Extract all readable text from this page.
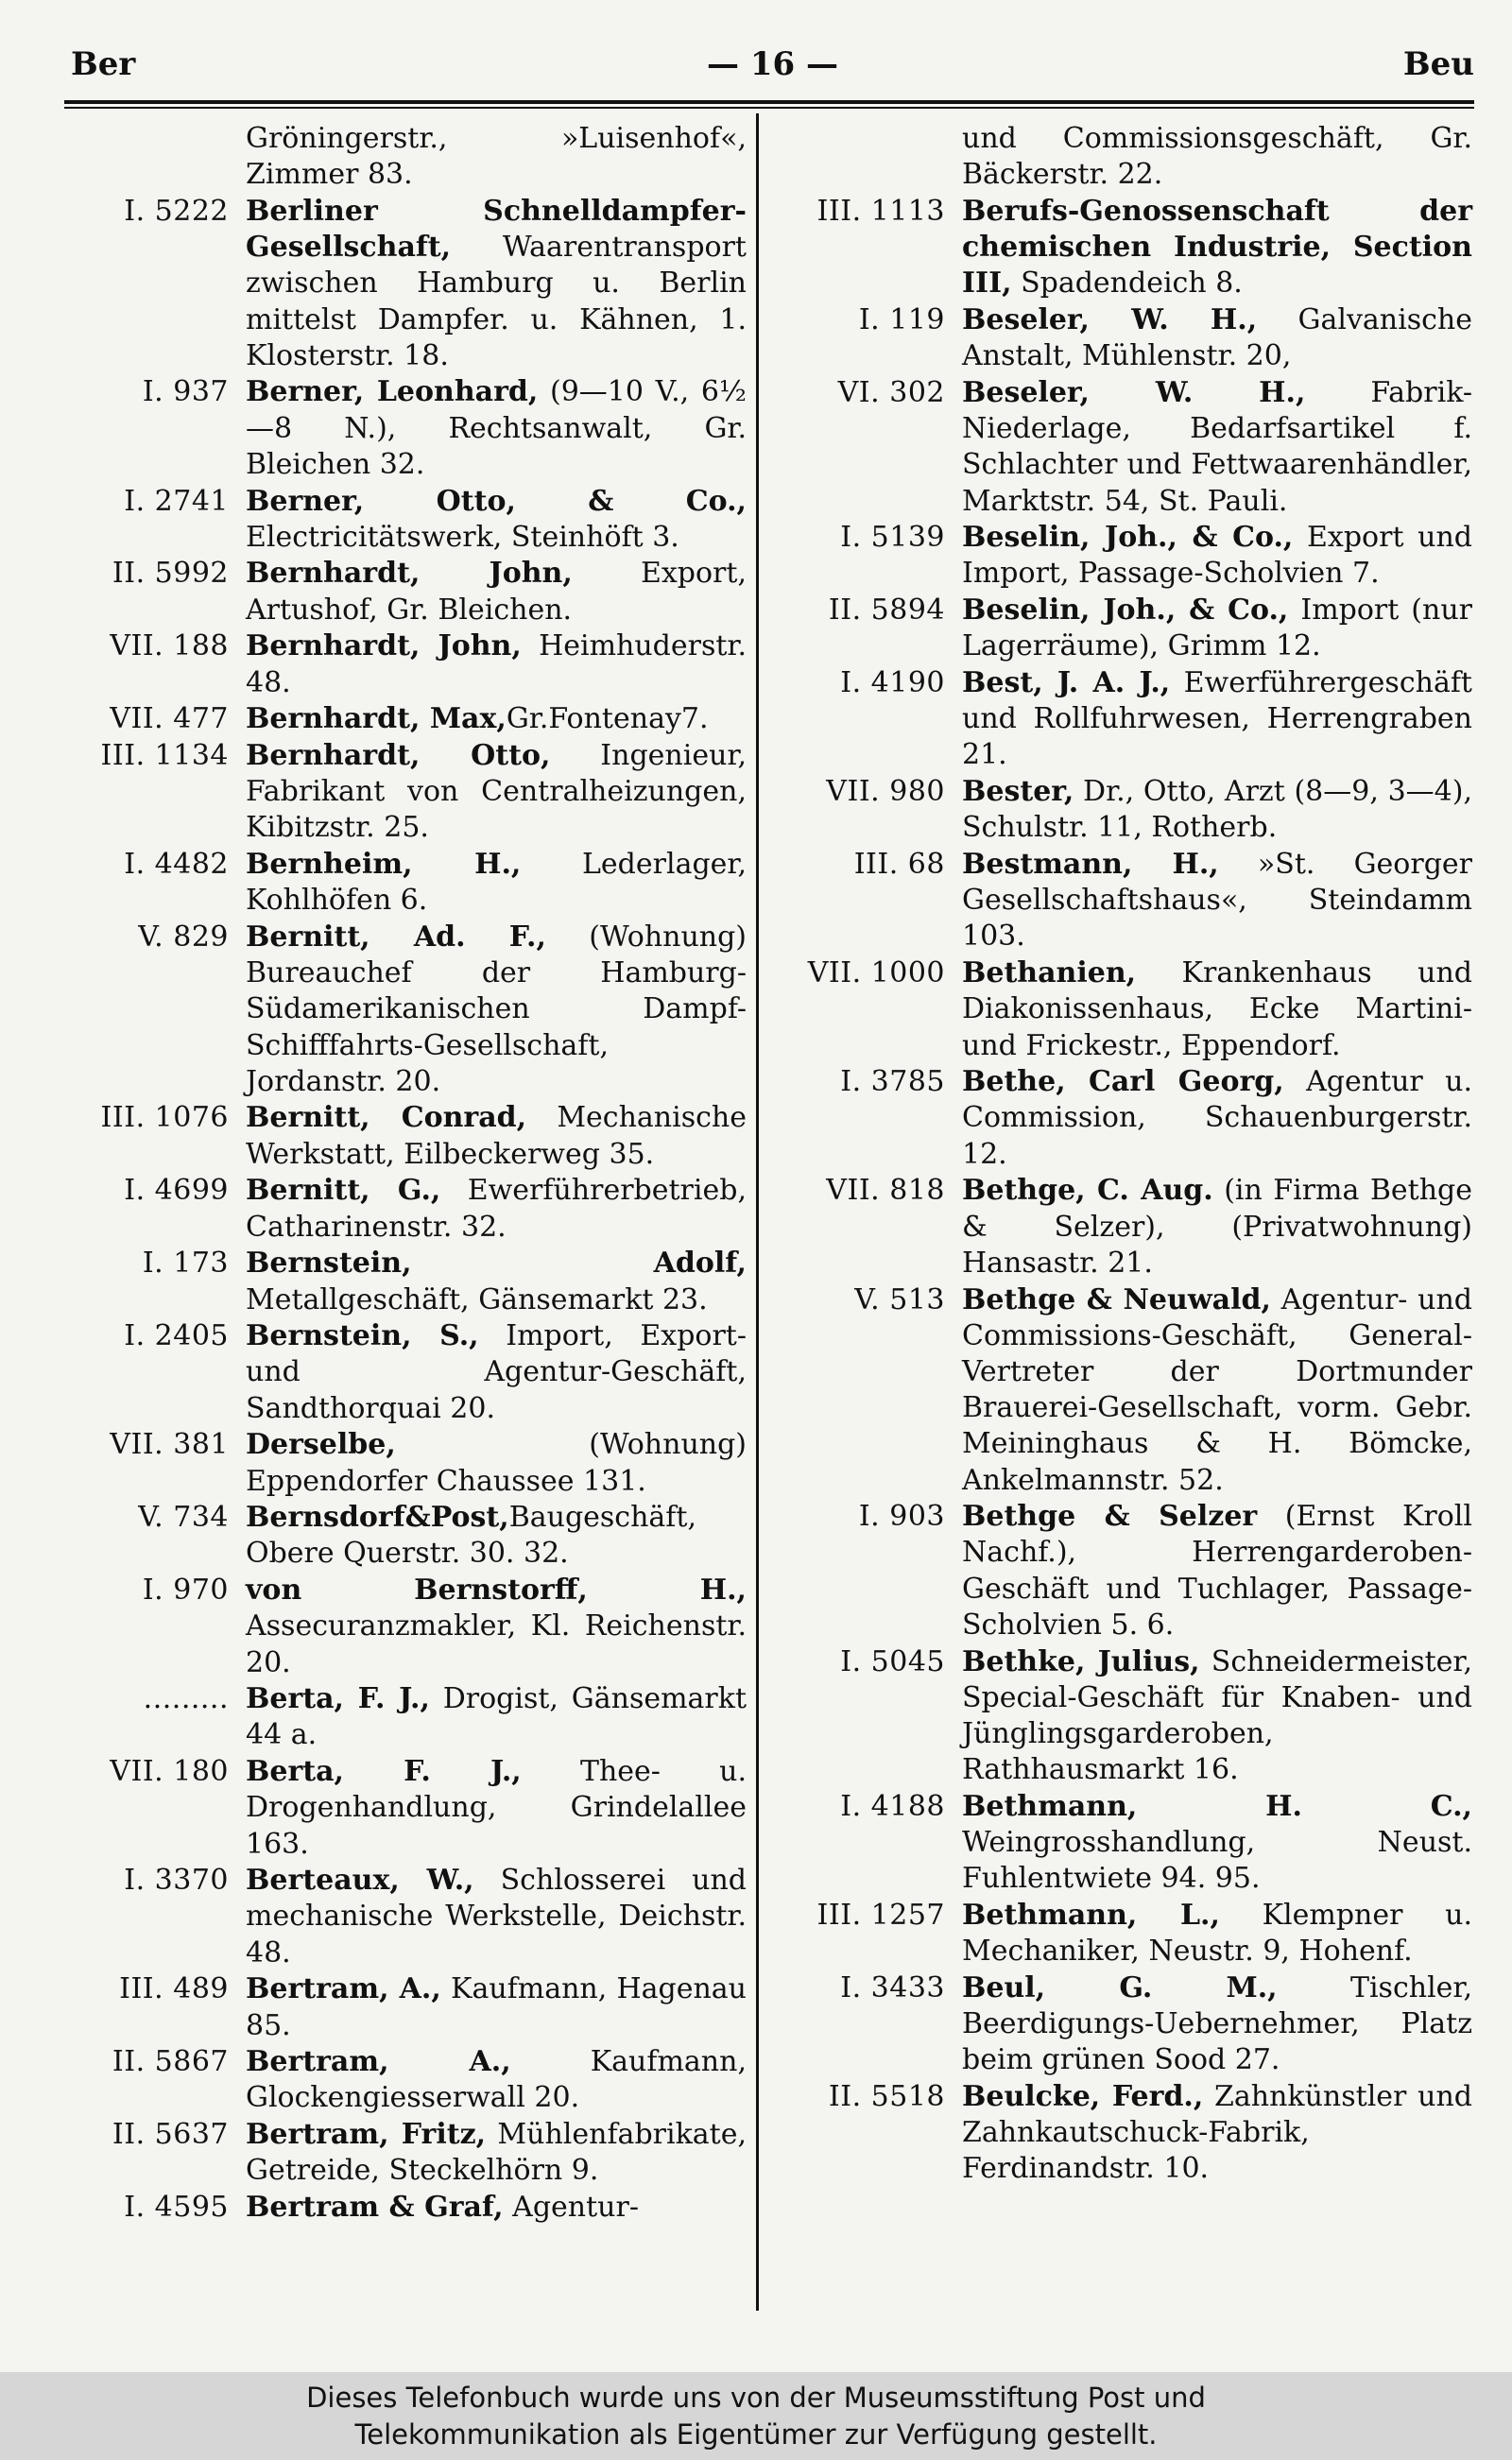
Ber	— 16 —	Beu
Gröningerstr., »Luisenhof«, Zimmer 83.
I. 5222 Berliner Schnelldampfer-Gesellschaft, Waarentransport zwischen Hamburg u. Berlin mittelst Dampfer. u. Kähnen, 1. Klosterstr. 18.
I. 937 Berner, Leonhard, (9—10 V., 6½—8 N.), Rechtsanwalt, Gr. Bleichen 32.
I. 2741 Berner, Otto, & Co., Electricitätswerk, Steinhöft 3.
II. 5992 Bernhardt, John, Export, Artushof, Gr. Bleichen.
VII. 188 Bernhardt, John, Heimhuderstr. 48.
VII. 477 Bernhardt, Max,Gr.Fontenay7.
III. 1134 Bernhardt, Otto, Ingenieur, Fabrikant von Centralheizungen, Kibitzstr. 25.
I. 4482 Bernheim, H., Lederlager, Kohlhöfen 6.
V. 829 Bernitt, Ad. F., (Wohnung) Bureauchef der Hamburg-Südamerikanischen Dampf-Schifffahrts-Gesellschaft, Jordanstr. 20.
III. 1076 Bernitt, Conrad, Mechanische Werkstatt, Eilbeckerweg 35.
I. 4699 Bernitt, G., Ewerführerbetrieb, Catharinenstr. 32.
I. 173 Bernstein, Adolf, Metallgeschäft, Gänsemarkt 23.
I. 2405 Bernstein, S., Import, Export- und Agentur-Geschäft, Sandthorquai 20.
VII. 381 Derselbe, (Wohnung) Eppendorfer Chaussee 131.
V. 734 Bernsdorf&Post,Baugeschäft, Obere Querstr. 30. 32.
I. 970 von Bernstorff, H., Assecuranzmakler, Kl. Reichenstr. 20.
......... Berta, F. J., Drogist, Gänsemarkt 44 a.
VII. 180 Berta, F. J., Thee- u. Drogenhandlung, Grindelallee 163.
I. 3370 Berteaux, W., Schlosserei und mechanische Werkstelle, Deichstr. 48.
III. 489 Bertram, A., Kaufmann, Hagenau 85.
II. 5867 Bertram, A., Kaufmann, Glockengiesserwall 20.
II. 5637 Bertram, Fritz, Mühlenfabrikate, Getreide, Steckelhörn 9.
I. 4595 Bertram & Graf, Agentur-
und Commissionsgeschäft, Gr. Bäckerstr. 22.
III. 1113 Berufs-Genossenschaft der chemischen Industrie, Section III, Spadendeich 8.
I. 119 Beseler, W. H., Galvanische Anstalt, Mühlenstr. 20,
VI. 302 Beseler, W. H., Fabrik-Niederlage, Bedarfsartikel f. Schlachter und Fettwaarenhändler, Marktstr. 54, St. Pauli.
I. 5139 Beselin, Joh., & Co., Export und Import, Passage-Scholvien 7.
II. 5894 Beselin, Joh., & Co., Import (nur Lagerräume), Grimm 12.
I. 4190 Best, J. A. J., Ewerführergeschäft und Rollfuhrwesen, Herrengraben 21.
VII. 980 Bester, Dr., Otto, Arzt (8—9, 3—4), Schulstr. 11, Rotherb.
III. 68 Bestmann, H., »St. Georger Gesellschaftshaus«, Steindamm 103.
VII. 1000 Bethanien, Krankenhaus und Diakonissenhaus, Ecke Martini- und Frickestr., Eppendorf.
I. 3785 Bethe, Carl Georg, Agentur u. Commission, Schauenburgerstr. 12.
VII. 818 Bethge, C. Aug. (in Firma Bethge & Selzer), (Privatwohnung) Hansastr. 21.
V. 513 Bethge & Neuwald, Agentur- und Commissions-Geschäft, General-Vertreter der Dortmunder Brauerei-Gesellschaft, vorm. Gebr. Meininghaus & H. Bömcke, Ankelmannstr. 52.
I. 903 Bethge & Selzer (Ernst Kroll Nachf.), Herrengarderoben-Geschäft und Tuchlager, Passage-Scholvien 5. 6.
I. 5045 Bethke, Julius, Schneidermeister, Special-Geschäft für Knaben- und Jünglingsgarderoben, Rathhausmarkt 16.
I. 4188 Bethmann, H. C., Weingrosshandlung, Neust. Fuhlentwiete 94. 95.
III. 1257 Bethmann, L., Klempner u. Mechaniker, Neustr. 9, Hohenf.
I. 3433 Beul, G. M., Tischler, Beerdigungs-Uebernehmer, Platz beim grünen Sood 27.
II. 5518 Beulcke, Ferd., Zahnkünstler und Zahnkautschuck-Fabrik, Ferdinandstr. 10.
Dieses Telefonbuch wurde uns von der Museumsstiftung Post und
Telekommunikation als Eigentümer zur Verfügung gestellt.
